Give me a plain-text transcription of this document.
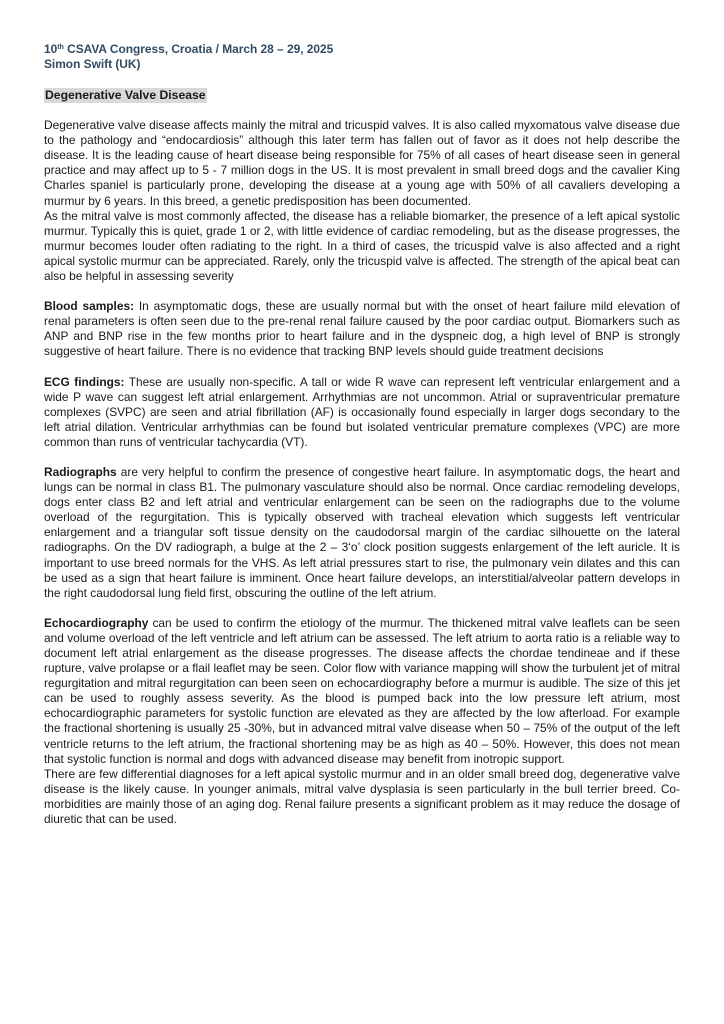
10th CSAVA Congress, Croatia / March 28 – 29, 2025
Simon Swift (UK)
Degenerative Valve Disease

Degenerative valve disease affects mainly the mitral and tricuspid valves. It is also called myxomatous valve disease due to the pathology and “endocardiosis” although this later term has fallen out of favor as it does not help describe the disease. It is the leading cause of heart disease being responsible for 75% of all cases of heart disease seen in general practice and may affect up to 5 - 7 million dogs in the US. It is most prevalent in small breed dogs and the cavalier King Charles spaniel is particularly prone, developing the disease at a young age with 50% of all cavaliers developing a murmur by 6 years. In this breed, a genetic predisposition has been documented.

As the mitral valve is most commonly affected, the disease has a reliable biomarker, the presence of a left apical systolic murmur. Typically this is quiet, grade 1 or 2, with little evidence of cardiac remodeling, but as the disease progresses, the murmur becomes louder often radiating to the right. In a third of cases, the tricuspid valve is also affected and a right apical systolic murmur can be appreciated. Rarely, only the tricuspid valve is affected. The strength of the apical beat can also be helpful in assessing severity

Blood samples: In asymptomatic dogs, these are usually normal but with the onset of heart failure mild elevation of renal parameters is often seen due to the pre-renal renal failure caused by the poor cardiac output. Biomarkers such as ANP and BNP rise in the few months prior to heart failure and in the dyspneic dog, a high level of BNP is strongly suggestive of heart failure. There is no evidence that tracking BNP levels should guide treatment decisions

ECG findings: These are usually non-specific. A tall or wide R wave can represent left ventricular enlargement and a wide P wave can suggest left atrial enlargement. Arrhythmias are not uncommon. Atrial or supraventricular premature complexes (SVPC) are seen and atrial fibrillation (AF) is occasionally found especially in larger dogs secondary to the left atrial dilation. Ventricular arrhythmias can be found but isolated ventricular premature complexes (VPC) are more common than runs of ventricular tachycardia (VT).

Radiographs are very helpful to confirm the presence of congestive heart failure. In asymptomatic dogs, the heart and lungs can be normal in class B1. The pulmonary vasculature should also be normal. Once cardiac remodeling develops, dogs enter class B2 and left atrial and ventricular enlargement can be seen on the radiographs due to the volume overload of the regurgitation. This is typically observed with tracheal elevation which suggests left ventricular enlargement and a triangular soft tissue density on the caudodorsal margin of the cardiac silhouette on the lateral radiographs. On the DV radiograph, a bulge at the 2 – 3‘o’ clock position suggests enlargement of the left auricle. It is important to use breed normals for the VHS. As left atrial pressures start to rise, the pulmonary vein dilates and this can be used as a sign that heart failure is imminent. Once heart failure develops, an interstitial/alveolar pattern develops in the right caudodorsal lung field first, obscuring the outline of the left atrium.

Echocardiography can be used to confirm the etiology of the murmur. The thickened mitral valve leaflets can be seen and volume overload of the left ventricle and left atrium can be assessed. The left atrium to aorta ratio is a reliable way to document left atrial enlargement as the disease progresses. The disease affects the chordae tendineae and if these rupture, valve prolapse or a flail leaflet may be seen. Color flow with variance mapping will show the turbulent jet of mitral regurgitation and mitral regurgitation can been seen on echocardiography before a murmur is audible. The size of this jet can be used to roughly assess severity. As the blood is pumped back into the low pressure left atrium, most echocardiographic parameters for systolic function are elevated as they are affected by the low afterload. For example the fractional shortening is usually 25 -30%, but in advanced mitral valve disease when 50 – 75% of the output of the left ventricle returns to the left atrium, the fractional shortening may be as high as 40 – 50%. However, this does not mean that systolic function is normal and dogs with advanced disease may benefit from inotropic support.

There are few differential diagnoses for a left apical systolic murmur and in an older small breed dog, degenerative valve disease is the likely cause. In younger animals, mitral valve dysplasia is seen particularly in the bull terrier breed. Co-morbidities are mainly those of an aging dog. Renal failure presents a significant problem as it may reduce the dosage of diuretic that can be used.
